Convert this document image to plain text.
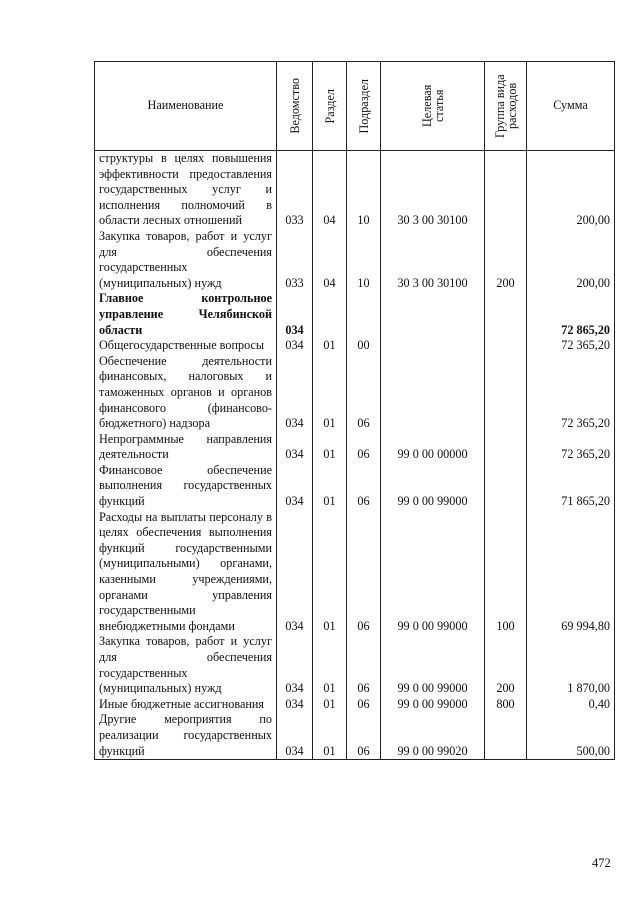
Наименование	Ведомство	Раздел	Подраздел	Целевая статья	Группа вида расходов	Сумма
структуры в целях повышения эффективности предоставления государственных услуг и исполнения полномочий в области лесных отношений	033	04	10	30 3 00 30100		200,00
Закупка товаров, работ и услуг для обеспечения государственных (муниципальных) нужд	033	04	10	30 3 00 30100	200	200,00
Главное контрольное управление Челябинской области	034					72 865,20
Общегосударственные вопросы	034	01	00			72 365,20
Обеспечение деятельности финансовых, налоговых и таможенных органов и органов финансового (финансово-бюджетного) надзора	034	01	06			72 365,20
Непрограммные направления деятельности	034	01	06	99 0 00 00000		72 365,20
Финансовое обеспечение выполнения государственных функций	034	01	06	99 0 00 99000		71 865,20
Расходы на выплаты персоналу в целях обеспечения выполнения функций государственными (муниципальными) органами, казенными учреждениями, органами управления государственными внебюджетными фондами	034	01	06	99 0 00 99000	100	69 994,80
Закупка товаров, работ и услуг для обеспечения государственных (муниципальных) нужд	034	01	06	99 0 00 99000	200	1 870,00
Иные бюджетные ассигнования	034	01	06	99 0 00 99000	800	0,40
Другие мероприятия по реализации государственных функций	034	01	06	99 0 00 99020		500,00
472
